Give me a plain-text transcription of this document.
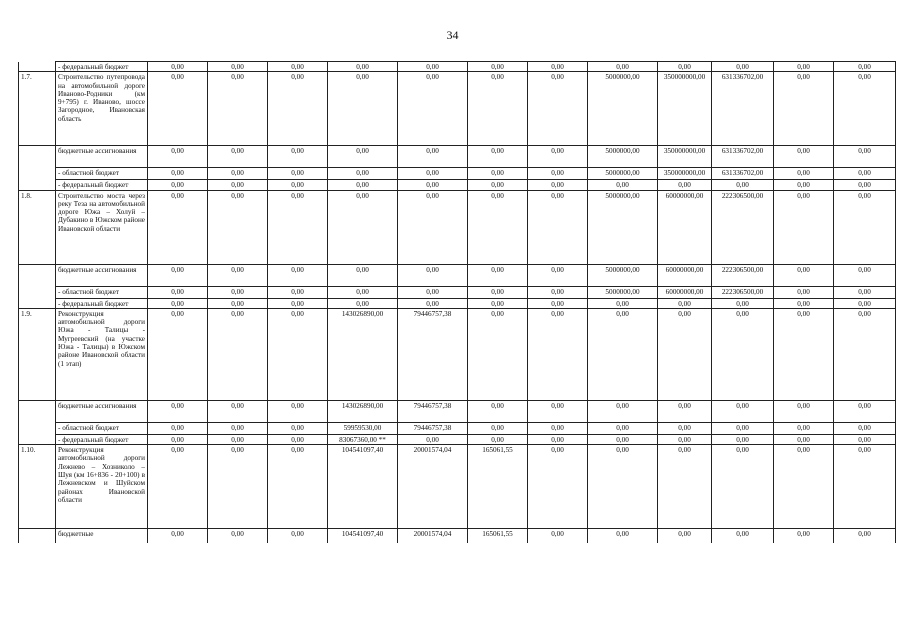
34
	- федеральный бюджет	0,00	0,00	0,00	0,00	0,00	0,00	0,00	0,00	0,00	0,00	0,00	0,00
1.7.	Строительство путепровода на автомобильной дороге Иваново-Родники (км 9+795) г. Иваново, шоссе Загородное, Ивановская область	0,00	0,00	0,00	0,00	0,00	0,00	0,00	5000000,00	350000000,00	631336702,00	0,00	0,00
	бюджетные ассигнования	0,00	0,00	0,00	0,00	0,00	0,00	0,00	5000000,00	350000000,00	631336702,00	0,00	0,00
	- областной бюджет	0,00	0,00	0,00	0,00	0,00	0,00	0,00	5000000,00	350000000,00	631336702,00	0,00	0,00
	- федеральный бюджет	0,00	0,00	0,00	0,00	0,00	0,00	0,00	0,00	0,00	0,00	0,00	0,00
1.8.	Строительство моста через реку Теза на автомобильной дороге Южа – Холуй – Дубакино в Южском районе Ивановской области	0,00	0,00	0,00	0,00	0,00	0,00	0,00	5000000,00	60000000,00	222306500,00	0,00	0,00
	бюджетные ассигнования	0,00	0,00	0,00	0,00	0,00	0,00	0,00	5000000,00	60000000,00	222306500,00	0,00	0,00
	- областной бюджет	0,00	0,00	0,00	0,00	0,00	0,00	0,00	5000000,00	60000000,00	222306500,00	0,00	0,00
	- федеральный бюджет	0,00	0,00	0,00	0,00	0,00	0,00	0,00	0,00	0,00	0,00	0,00	0,00
1.9.	Реконструкция автомобильной дороги Южа - Талицы - Мугреевский (на участке Южа - Талицы) в Южском районе Ивановской области (1 этап)	0,00	0,00	0,00	143026890,00	79446757,38	0,00	0,00	0,00	0,00	0,00	0,00	0,00
	бюджетные ассигнования	0,00	0,00	0,00	143026890,00	79446757,38	0,00	0,00	0,00	0,00	0,00	0,00	0,00
	- областной бюджет	0,00	0,00	0,00	59959530,00	79446757,38	0,00	0,00	0,00	0,00	0,00	0,00	0,00
	- федеральный бюджет	0,00	0,00	0,00	83067360,00 **	0,00	0,00	0,00	0,00	0,00	0,00	0,00	0,00
1.10.	Реконструкция автомобильной дороги Лежнево – Хозниколо – Шуя (км 16+836 - 20+100) в Лежневском и Шуйском районах Ивановской области	0,00	0,00	0,00	104541097,40	20001574,04	165061,55	0,00	0,00	0,00	0,00	0,00	0,00
	бюджетные	0,00	0,00	0,00	104541097,40	20001574,04	165061,55	0,00	0,00	0,00	0,00	0,00	0,00
